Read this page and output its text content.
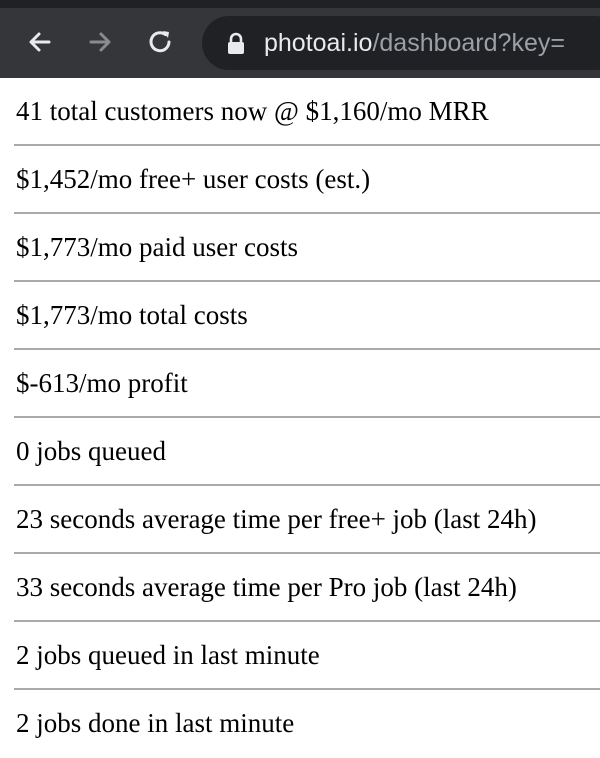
photoai.io/dashboard?key=
41 total customers now @ $1,160/mo MRR
$1,452/mo free+ user costs (est.)
$1,773/mo paid user costs
$1,773/mo total costs
$-613/mo profit
0 jobs queued
23 seconds average time per free+ job (last 24h)
33 seconds average time per Pro job (last 24h)
2 jobs queued in last minute
2 jobs done in last minute
